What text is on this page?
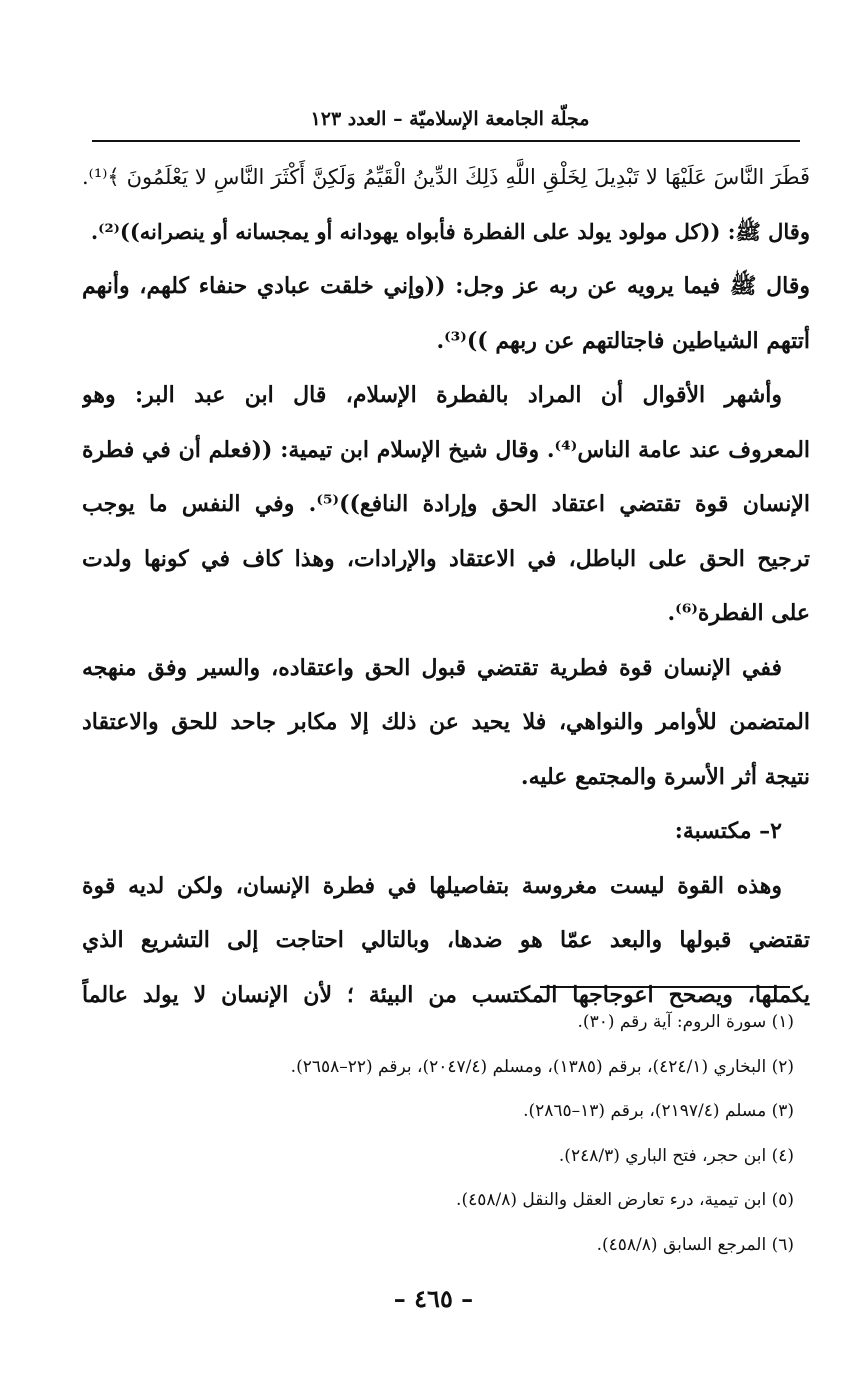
مجلّة الجامعة الإسلاميّة – العدد ١٢٣
فَطَرَ النَّاسَ عَلَيْهَا لا تَبْدِيلَ لِخَلْقِ اللَّهِ ذَلِكَ الدِّينُ الْقَيِّمُ وَلَكِنَّ أَكْثَرَ النَّاسِ لا يَعْلَمُونَ ﴾⁽¹⁾.
وقال ﷺ: ((كل مولود يولد على الفطرة فأبواه يهودانه أو يمجسانه أو ينصرانه))⁽²⁾.
وقال ﷺ فيما يرويه عن ربه عز وجل: ((وإني خلقت عبادي حنفاء كلهم، وأنهم
أتتهم الشياطين فاجتالتهم عن ربهم ))⁽³⁾.
وأشهر الأقوال أن المراد بالفطرة الإسلام، قال ابن عبد البر: وهو
المعروف عند عامة الناس⁽⁴⁾. وقال شيخ الإسلام ابن تيمية: ((فعلم أن في فطرة
الإنسان قوة تقتضي اعتقاد الحق وإرادة النافع))⁽⁵⁾. وفي النفس ما يوجب
ترجيح الحق على الباطل، في الاعتقاد والإرادات، وهذا كاف في كونها ولدت
على الفطرة⁽⁶⁾.
ففي الإنسان قوة فطرية تقتضي قبول الحق واعتقاده، والسير وفق منهجه
المتضمن للأوامر والنواهي، فلا يحيد عن ذلك إلا مكابر جاحد للحق والاعتقاد
نتيجة أثر الأسرة والمجتمع عليه.
٢– مكتسبة:
وهذه القوة ليست مغروسة بتفاصيلها في فطرة الإنسان، ولكن لديه قوة
تقتضي قبولها والبعد عمّا هو ضدها، وبالتالي احتاجت إلى التشريع الذي
يكملها، ويصحح اعوجاجها المكتسب من البيئة ؛ لأن الإنسان لا يولد عالماً
(١) سورة الروم: آية رقم (٣٠).
(٢) البخاري (٤٢٤/١)، برقم (١٣٨٥)، ومسلم (٢٠٤٧/٤)، برقم (٢٢–٢٦٥٨).
(٣) مسلم (٢١٩٧/٤)، برقم (١٣–٢٨٦٥).
(٤) ابن حجر، فتح الباري (٢٤٨/٣).
(٥) ابن تيمية، درء تعارض العقل والنقل (٤٥٨/٨).
(٦) المرجع السابق (٤٥٨/٨).
– ٤٦٥ –
